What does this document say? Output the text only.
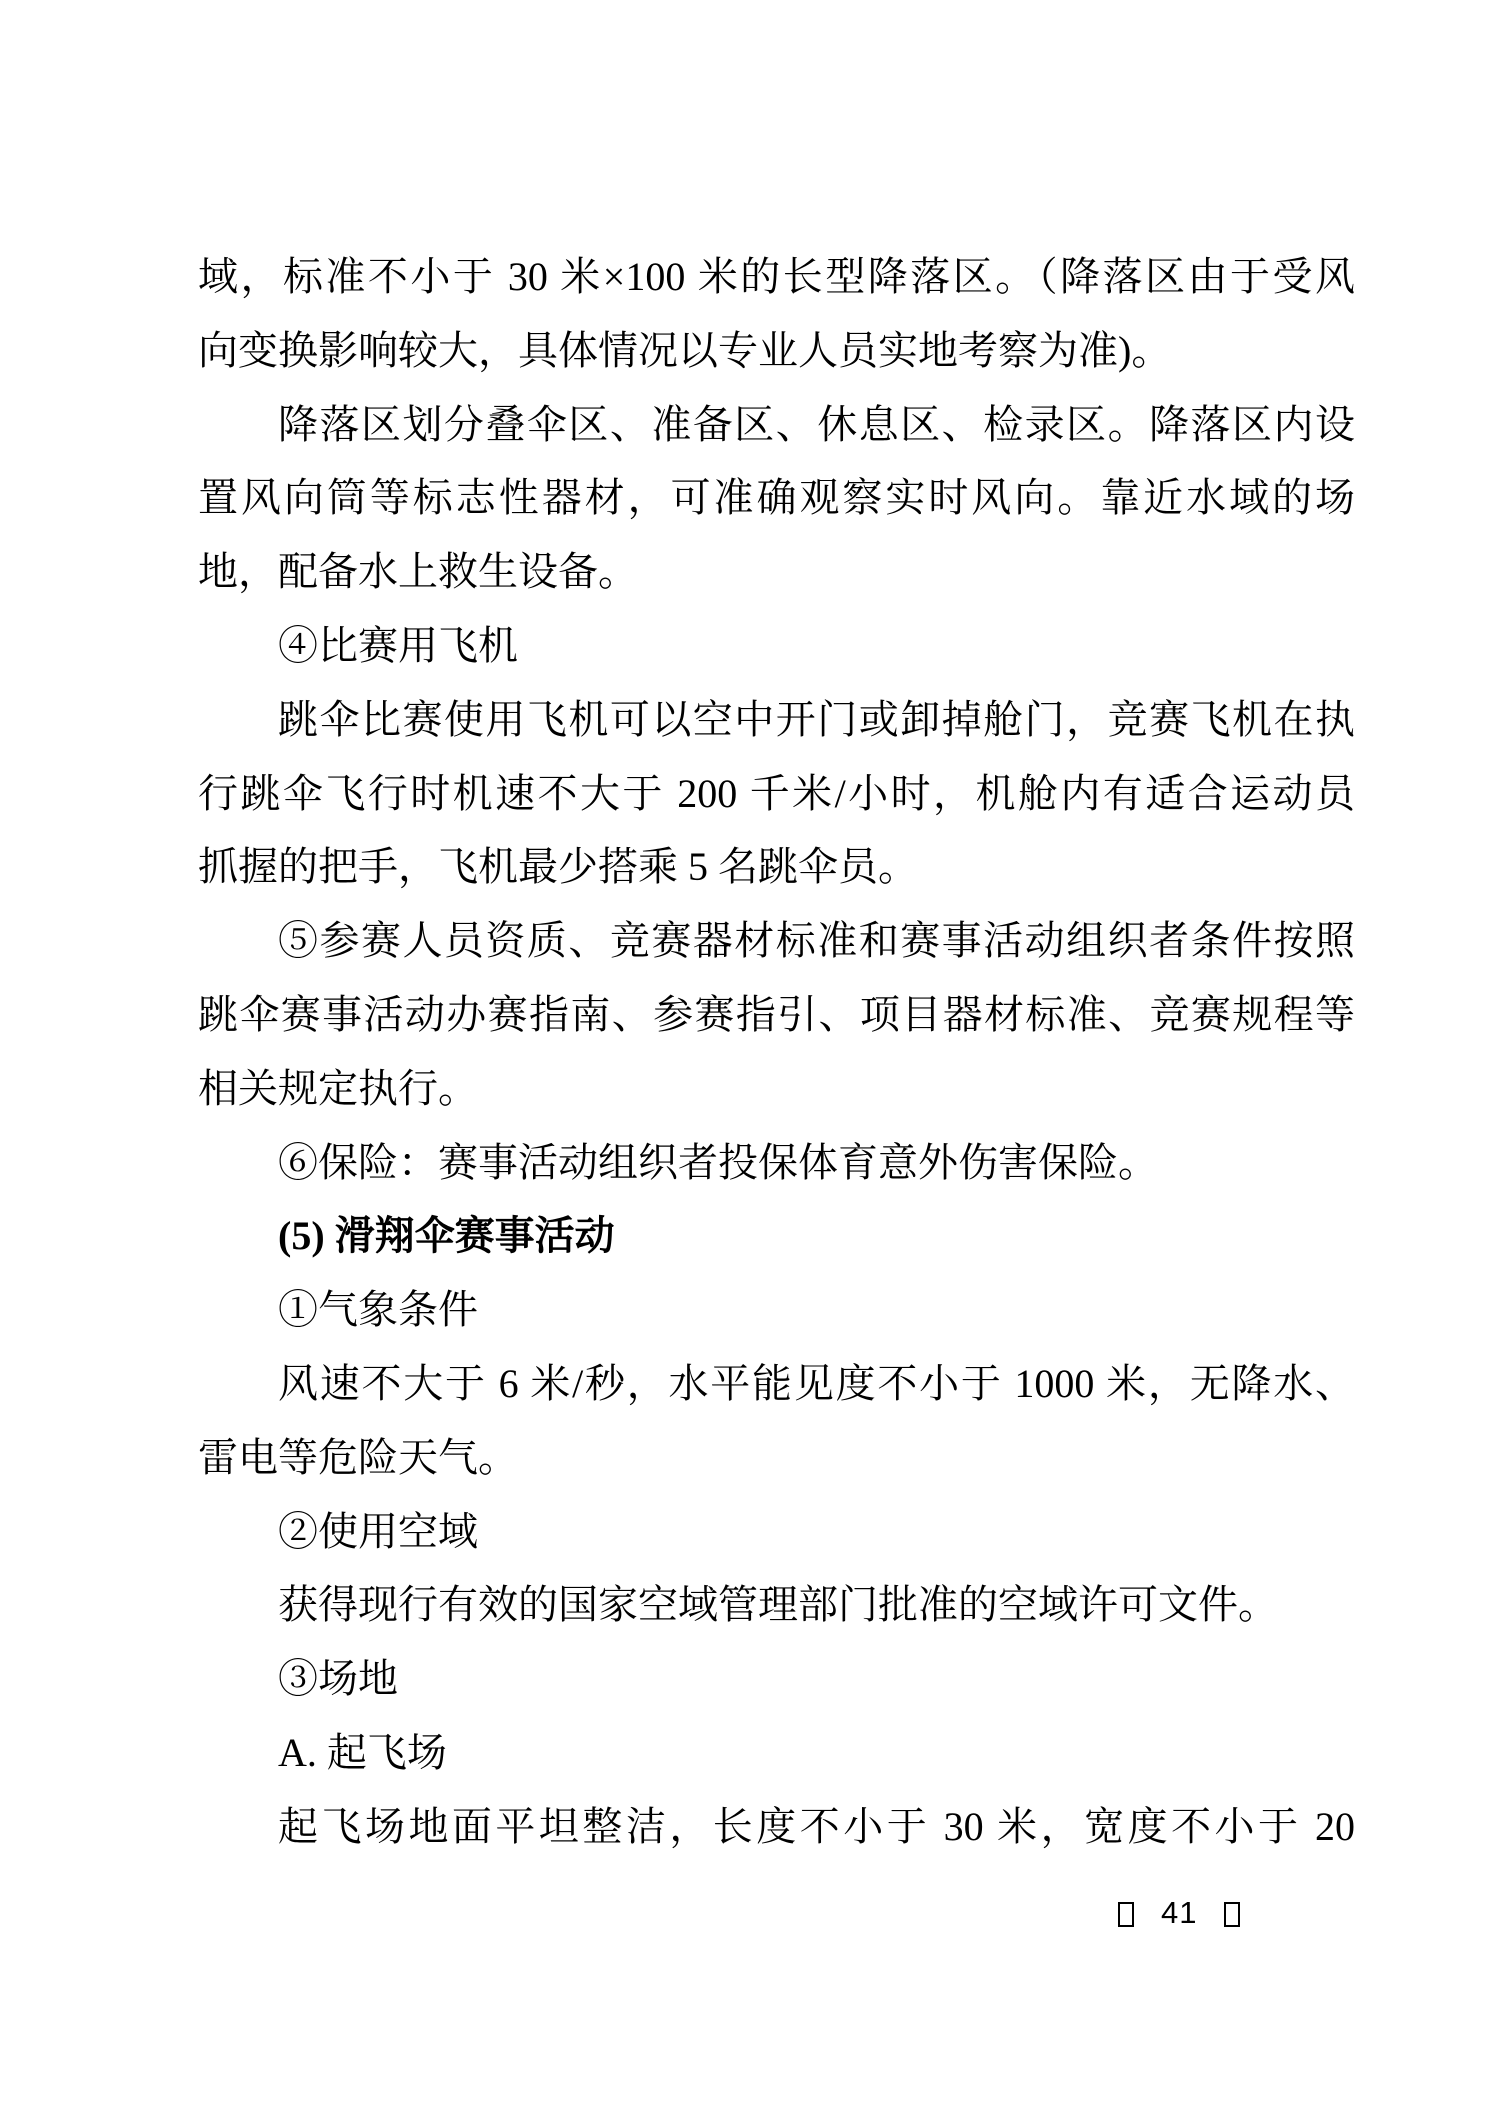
域，标准不小于 30 米×100 米的长型降落区。（降落区由于受风
向变换影响较大，具体情况以专业人员实地考察为准)。
降落区划分叠伞区、准备区、休息区、检录区。降落区内设
置风向筒等标志性器材，可准确观察实时风向。靠近水域的场
地，配备水上救生设备。
④比赛用飞机
跳伞比赛使用飞机可以空中开门或卸掉舱门，竞赛飞机在执
行跳伞飞行时机速不大于 200 千米/小时，机舱内有适合运动员
抓握的把手，飞机最少搭乘 5 名跳伞员。
⑤参赛人员资质、竞赛器材标准和赛事活动组织者条件按照
跳伞赛事活动办赛指南、参赛指引、项目器材标准、竞赛规程等
相关规定执行。
⑥保险：赛事活动组织者投保体育意外伤害保险。
(5) 滑翔伞赛事活动
①气象条件
风速不大于 6 米/秒，水平能见度不小于 1000 米，无降水、
雷电等危险天气。
②使用空域
获得现行有效的国家空域管理部门批准的空域许可文件。
③场地
A. 起飞场
起飞场地面平坦整洁，长度不小于 30 米，宽度不小于 20
41
